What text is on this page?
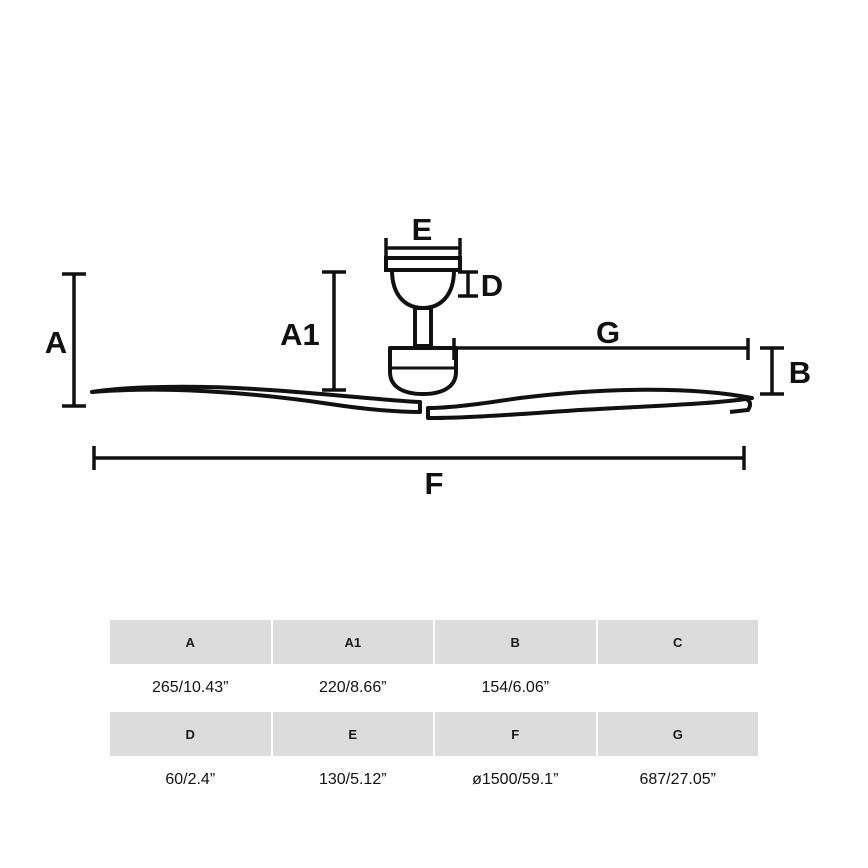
A	A1
E
D
B
G
F
A	A1	B	C
265/10.43”	220/8.66”	154/6.06”	
D	E	F	G
60/2.4”	130/5.12”	ø1500/59.1”	687/27.05”
